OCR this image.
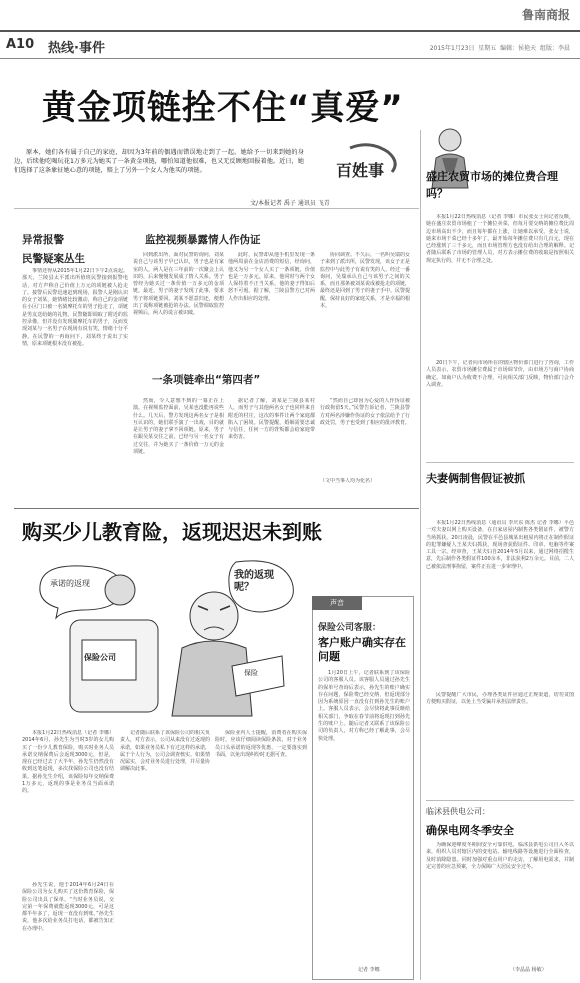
鲁南商报
A10 热线·事件	2015年1月23日 星期五 编辑：侯艳天 组版：李晨
黄金项链拴不住“真爱”
原本，她们各有属于自己的家庭，却因为3年前的偶遇而错误地走到了一起。她给予一切来到她的身边，后续他吃喝玩花1万多元为她买了一条黄金项链，哪怕知道他很难，也又无反顾地回报着他。近日，她们选择了这条象征她心意的项链，赔上了另外一个女人为他买的项链。	百姓事
文/本报记者 禹子 通讯员 飞青
异常报警
民警疑案丛生
监控视频暴露情人作伪证
一条项链牵出“第四者”
事情还得从2015年1月22日下午2点说起。那天，兰陵县太平派出所值班民警接到报警电话，对方声称自己价值上万元的项链被人抢走了。接警后民警迅速赶到现场，报警人是刚认识的女子刘某，她情绪比较激动，称自己的金项链在小区门口被一名骑摩托车的男子抢走了，项链是男友送给她的礼物。民警随即调取了附近的监控录像，但并没有发现骑摩托车的男子，反而发现刘某与一名男子在现场有说有笑，情绪十分平静。在民警的一再询问下，刘某终于说出了实情，原来项链根本没有被抢。
回到派出所，面对民警的询问，刘某说自己与该男子早已认识，男子也是有家室的人，两人是在三年前的一次聚会上认识的，后来慢慢发展成了情人关系。男子曾经为她买过一条价值一万多元的金项链。最近，男子的妻子发现了此事，要求男子将项链要回。刘某不愿意归还，便想出了谎称项链被抢的办法。民警调取监控视频后，两人的谎言被识破。
此时，民警却从他手机里发现一条他两周前在金店消费的短信，经询问，他又为另一个女人买了一条项链，价值也是一万多元。原来，他同时与两个女人保持着不正当关系，他的妻子得知后怒不可遏。据了解，兰陵县警方已对两人作出相应的处理。
协同调查。不久后，一名叫吴瑞的女子来到了派出所，民警发现，该女子正是监控中与此男子有说有笑的人。经过一番询问，吴瑞承认自己与该男子之间的关系，而且那条被刘某说成被抢走的项链，最终还是回到了男子的妻子手中。民警提醒，保持良好的家庭关系，才是幸福的根本。
然而，令人意想不到的一幕正在上演。在视频监控面前，吴某也没能再说些什么。几天后，警方发现这两名女子是相互认识的，她们联手演了一出戏，目的就是让男子的妻子拿不回项链。原来，男子在跟吴某交往之前，已经与另一名女子有过交往，并为她买了一条价值一万元的金项链。
据记者了解，刘某是兰陵县某村人，而男子与其他两名女子也同样来自附近的村庄，这次的事件让两个家庭都陷入了困境。民警提醒，婚姻需要忠诚与信任，任何一方的背叛都会给家庭带来伤害。
“然而自己却因为心爱的人作伪证被行政拘留5天。”民警告诉记者，兰陵县警方对两名涉嫌作伪证的女子依法给予了行政处罚，男子也受到了相应的批评教育。
（文中当事人均为化名）
购买少儿教育险，返现迟迟未到账
我的返现呢？
承诺的返现
保险公司
保险
本报1月22日热线消息（记者 李娜）2014年6月，孙先生为当时3岁的女儿购买了一份少儿教育保险，购买时业务人员承诺交纳保费后会返现3000元，但是，现在已经过去了大半年，孙先生仍然没有收到这笔返现，多次找保险公司也没有结果。据孙先生介绍，该保险每年交纳保费1万多元，返现的事是业务员当面承诺的。
孙先生说，他于2014年6月24日在保险公司为女儿购买了这份教育保险，保险公司出具了保单。“当时业务员说，交完第一年保费就能返现3000元，可是这都半年多了，返现一直没有到账。”孙先生说，他多次给业务员打电话，都被告知正在办理中。
记者随后联系了该保险公司的相关负责人，对方表示，公司从来没有过返现的承诺，如果业务员私下有过这样的承诺，属于个人行为，公司会调查核实。如果情况属实，会对业务员进行处理，并尽量协调解决此事。
保险业内人士提醒，消费者在购买保险时，应该仔细阅读保险条款，对于业务员口头承诺的返现等优惠，一定要落实到书面，以免出现纠纷时无据可查。
声音
保险公司客服：
客户账户确实存在问题
1月20日上午，记者联系到了该保险公司的客服人员。该客服人员通过孙先生的保单号查询后表示，孙先生的账户确实存在问题，保险费已经交纳，但返现部分因为系统原因一直没有打到孙先生的账户上。客服人员表示，会尽快将此事反映给相关部门，争取在春节前将返现打到孙先生的账户上。随后记者又联系了该保险公司的负责人，对方称已经了解此事，会尽快处理。
记者 李娜
盛庄农贸市场的摊位费合理吗？
本报1月22日热线消息（记者 李娜）市民张女士向记者反映，她在盛庄农贸市场租了一个摊位卖菜，但每月要交纳的摊位费比周边市场高出不少，而且每年都在上涨，让她难以承受。张女士说，她来市场干菜已经十多年了，最开始每年摊位费只有几百元，现在已经涨到了三千多元，而且市场管理方也没有给出合理的解释。记者随后联系了市场的管理人员，对方表示摊位费的收取是按照相关规定执行的，并无不合理之处。
20日下午，记者向市场所在的辖区物价部门进行了咨询，工作人员表示，农贸市场摊位费属于市场调节价，由市场方与商户协商确定。如商户认为收费不合理，可向相关部门反映，物价部门会介入调查。
夫妻俩制售假证被抓
本报1月22日热线消息（通讯员 李庆东 陈杰 记者 李娜）平邑一对夫妻以网上购买设备，在自家房屋内制售各类假证件，被警方当场抓获。20日凌晨，民警在平邑县城某出租屋内将正在制作假证的犯罪嫌疑人王某夫妇抓获，现场查获假证件、印章、电脑等作案工具一宗。经审查，王某夫妇自2014年5月以来，通过网络招揽生意，先后制作各类假证件100余本，非法获利2万余元。目前，二人已被依法刑事拘留，案件正在进一步审理中。
民警提醒广大市民，办理各类证件应通过正规渠道，切勿贪图方便购买假证，以免上当受骗并承担法律责任。
临沭县供电公司：
确保电网冬季安全
为确保迎峰度冬期间安全可靠供电，临沭县供电公司自入冬以来，组织人员对辖区内的变电站、输电线路等设施进行全面检查，及时消除隐患。同时加强对重点用户的走访，了解用电需求，并制定完善的应急预案，全力保障广大居民安全过冬。
（李晶晶 杨敏）
